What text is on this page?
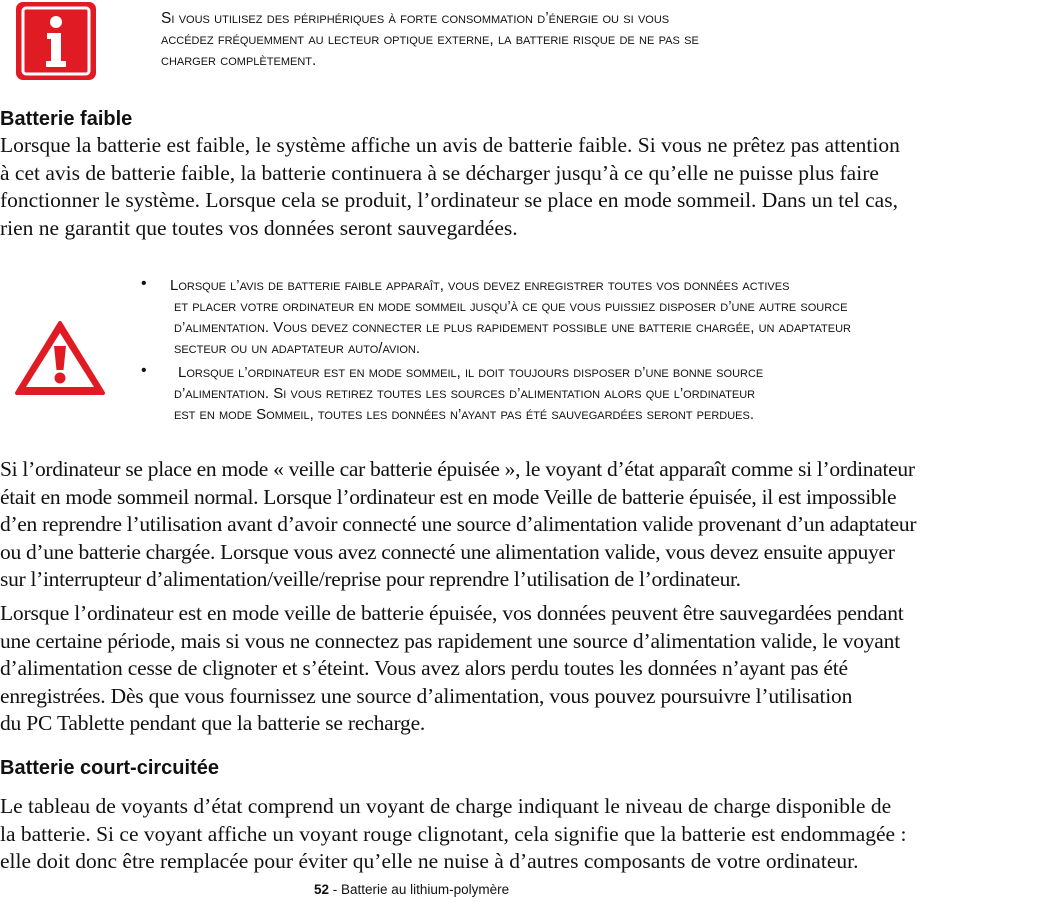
Si vous utilisez des périphériques à forte consommation d’énergie ou si vous
accédez fréquemment au lecteur optique externe, la batterie risque de ne pas se
charger complètement.
Batterie faible
Lorsque la batterie est faible, le système affiche un avis de batterie faible. Si vous ne prêtez pas attention
à cet avis de batterie faible, la batterie continuera à se décharger jusqu’à ce qu’elle ne puisse plus faire
fonctionner le système. Lorsque cela se produit, l’ordinateur se place en mode sommeil. Dans un tel cas,
rien ne garantit que toutes vos données seront sauvegardées.
• Lorsque l’avis de batterie faible apparaît, vous devez enregistrer toutes vos données actives
et placer votre ordinateur en mode sommeil jusqu’à ce que vous puissiez disposer d’une autre source
d’alimentation. Vous devez connecter le plus rapidement possible une batterie chargée, un adaptateur
secteur ou un adaptateur auto/avion.
• Lorsque l’ordinateur est en mode sommeil, il doit toujours disposer d’une bonne source
d’alimentation. Si vous retirez toutes les sources d’alimentation alors que l’ordinateur
est en mode Sommeil, toutes les données n’ayant pas été sauvegardées seront perdues.
Si l’ordinateur se place en mode « veille car batterie épuisée », le voyant d’état apparaît comme si l’ordinateur
était en mode sommeil normal. Lorsque l’ordinateur est en mode Veille de batterie épuisée, il est impossible
d’en reprendre l’utilisation avant d’avoir connecté une source d’alimentation valide provenant d’un adaptateur
ou d’une batterie chargée. Lorsque vous avez connecté une alimentation valide, vous devez ensuite appuyer
sur l’interrupteur d’alimentation/veille/reprise pour reprendre l’utilisation de l’ordinateur.
Lorsque l’ordinateur est en mode veille de batterie épuisée, vos données peuvent être sauvegardées pendant
une certaine période, mais si vous ne connectez pas rapidement une source d’alimentation valide, le voyant
d’alimentation cesse de clignoter et s’éteint. Vous avez alors perdu toutes les données n’ayant pas été
enregistrées. Dès que vous fournissez une source d’alimentation, vous pouvez poursuivre l’utilisation
du PC Tablette pendant que la batterie se recharge.
Batterie court-circuitée
Le tableau de voyants d’état comprend un voyant de charge indiquant le niveau de charge disponible de
la batterie. Si ce voyant affiche un voyant rouge clignotant, cela signifie que la batterie est endommagée :
elle doit donc être remplacée pour éviter qu’elle ne nuise à d’autres composants de votre ordinateur.
52 - Batterie au lithium-polymère
